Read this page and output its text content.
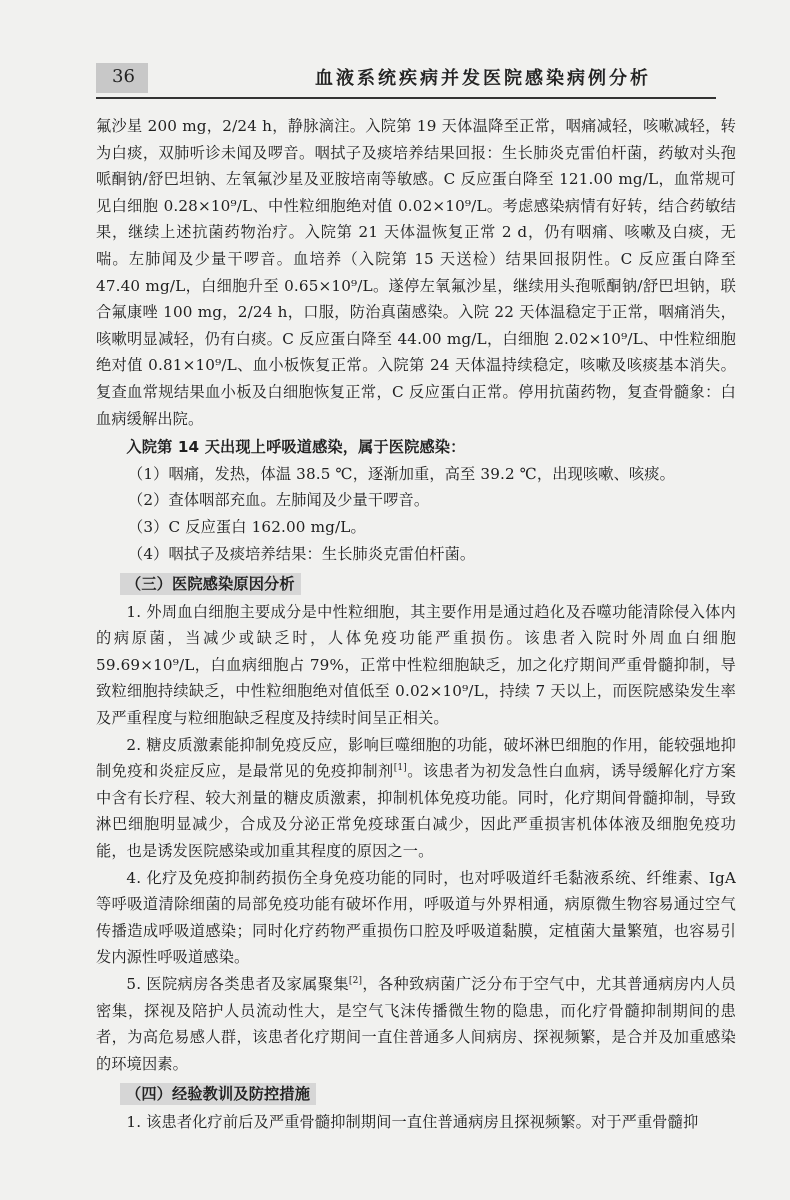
36	血液系统疾病并发医院感染病例分析

氟沙星 200 mg，2/24 h，静脉滴注。入院第 19 天体温降至正常，咽痛减轻，咳嗽减轻，转为白痰，双肺听诊未闻及啰音。咽拭子及痰培养结果回报：生长肺炎克雷伯杆菌，药敏对头孢哌酮钠/舒巴坦钠、左氧氟沙星及亚胺培南等敏感。C 反应蛋白降至 121.00 mg/L，血常规可见白细胞 0.28×10⁹/L、中性粒细胞绝对值 0.02×10⁹/L。考虑感染病情有好转，结合药敏结果，继续上述抗菌药物治疗。入院第 21 天体温恢复正常 2 d，仍有咽痛、咳嗽及白痰，无喘。左肺闻及少量干啰音。血培养（入院第 15 天送检）结果回报阴性。C 反应蛋白降至 47.40 mg/L，白细胞升至 0.65×10⁹/L。遂停左氧氟沙星，继续用头孢哌酮钠/舒巴坦钠，联合氟康唑 100 mg，2/24 h，口服，防治真菌感染。入院 22 天体温稳定于正常，咽痛消失，咳嗽明显减轻，仍有白痰。C 反应蛋白降至 44.00 mg/L，白细胞 2.02×10⁹/L、中性粒细胞绝对值 0.81×10⁹/L、血小板恢复正常。入院第 24 天体温持续稳定，咳嗽及咳痰基本消失。复查血常规结果血小板及白细胞恢复正常，C 反应蛋白正常。停用抗菌药物，复查骨髓象：白血病缓解出院。

入院第 14 天出现上呼吸道感染，属于医院感染：

（1）咽痛，发热，体温 38.5 ℃，逐渐加重，高至 39.2 ℃，出现咳嗽、咳痰。

（2）查体咽部充血。左肺闻及少量干啰音。

（3）C 反应蛋白 162.00 mg/L。

（4）咽拭子及痰培养结果：生长肺炎克雷伯杆菌。

（三）医院感染原因分析

1. 外周血白细胞主要成分是中性粒细胞，其主要作用是通过趋化及吞噬功能清除侵入体内的病原菌，当减少或缺乏时，人体免疫功能严重损伤。该患者入院时外周血白细胞 59.69×10⁹/L，白血病细胞占 79%，正常中性粒细胞缺乏，加之化疗期间严重骨髓抑制，导致粒细胞持续缺乏，中性粒细胞绝对值低至 0.02×10⁹/L，持续 7 天以上，而医院感染发生率及严重程度与粒细胞缺乏程度及持续时间呈正相关。

2. 糖皮质激素能抑制免疫反应，影响巨噬细胞的功能，破坏淋巴细胞的作用，能较强地抑制免疫和炎症反应，是最常见的免疫抑制剂[1]。该患者为初发急性白血病，诱导缓解化疗方案中含有长疗程、较大剂量的糖皮质激素，抑制机体免疫功能。同时，化疗期间骨髓抑制，导致淋巴细胞明显减少，合成及分泌正常免疫球蛋白减少，因此严重损害机体体液及细胞免疫功能，也是诱发医院感染或加重其程度的原因之一。

4. 化疗及免疫抑制药损伤全身免疫功能的同时，也对呼吸道纤毛黏液系统、纤维素、IgA 等呼吸道清除细菌的局部免疫功能有破坏作用，呼吸道与外界相通，病原微生物容易通过空气传播造成呼吸道感染；同时化疗药物严重损伤口腔及呼吸道黏膜，定植菌大量繁殖，也容易引发内源性呼吸道感染。

5. 医院病房各类患者及家属聚集[2]，各种致病菌广泛分布于空气中，尤其普通病房内人员密集，探视及陪护人员流动性大，是空气飞沫传播微生物的隐患，而化疗骨髓抑制期间的患者，为高危易感人群，该患者化疗期间一直住普通多人间病房、探视频繁，是合并及加重感染的环境因素。

（四）经验教训及防控措施

1. 该患者化疗前后及严重骨髓抑制期间一直住普通病房且探视频繁。对于严重骨髓抑
